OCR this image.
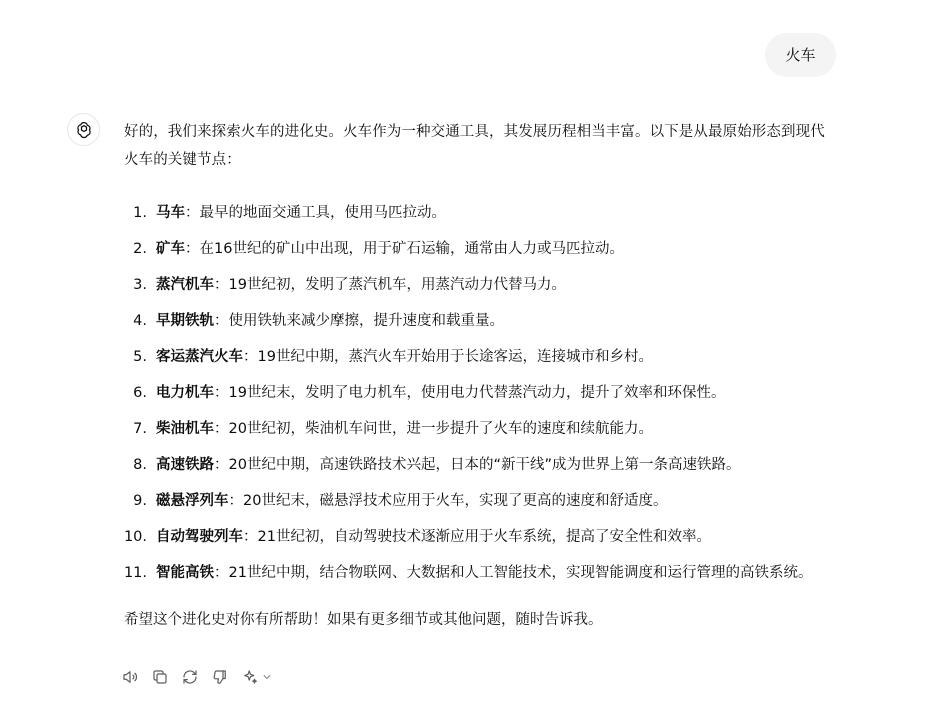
火车

好的，我们来探索火车的进化史。火车作为一种交通工具，其发展历程相当丰富。以下是从最原始形态到现代火车的关键节点：

1. 马车：最早的地面交通工具，使用马匹拉动。
2. 矿车：在16世纪的矿山中出现，用于矿石运输，通常由人力或马匹拉动。
3. 蒸汽机车：19世纪初，发明了蒸汽机车，用蒸汽动力代替马力。
4. 早期铁轨：使用铁轨来减少摩擦，提升速度和载重量。
5. 客运蒸汽火车：19世纪中期，蒸汽火车开始用于长途客运，连接城市和乡村。
6. 电力机车：19世纪末，发明了电力机车，使用电力代替蒸汽动力，提升了效率和环保性。
7. 柴油机车：20世纪初，柴油机车问世，进一步提升了火车的速度和续航能力。
8. 高速铁路：20世纪中期，高速铁路技术兴起，日本的“新干线”成为世界上第一条高速铁路。
9. 磁悬浮列车：20世纪末，磁悬浮技术应用于火车，实现了更高的速度和舒适度。
10. 自动驾驶列车：21世纪初，自动驾驶技术逐渐应用于火车系统，提高了安全性和效率。
11. 智能高铁：21世纪中期，结合物联网、大数据和人工智能技术，实现智能调度和运行管理的高铁系统。

希望这个进化史对你有所帮助！如果有更多细节或其他问题，随时告诉我。
